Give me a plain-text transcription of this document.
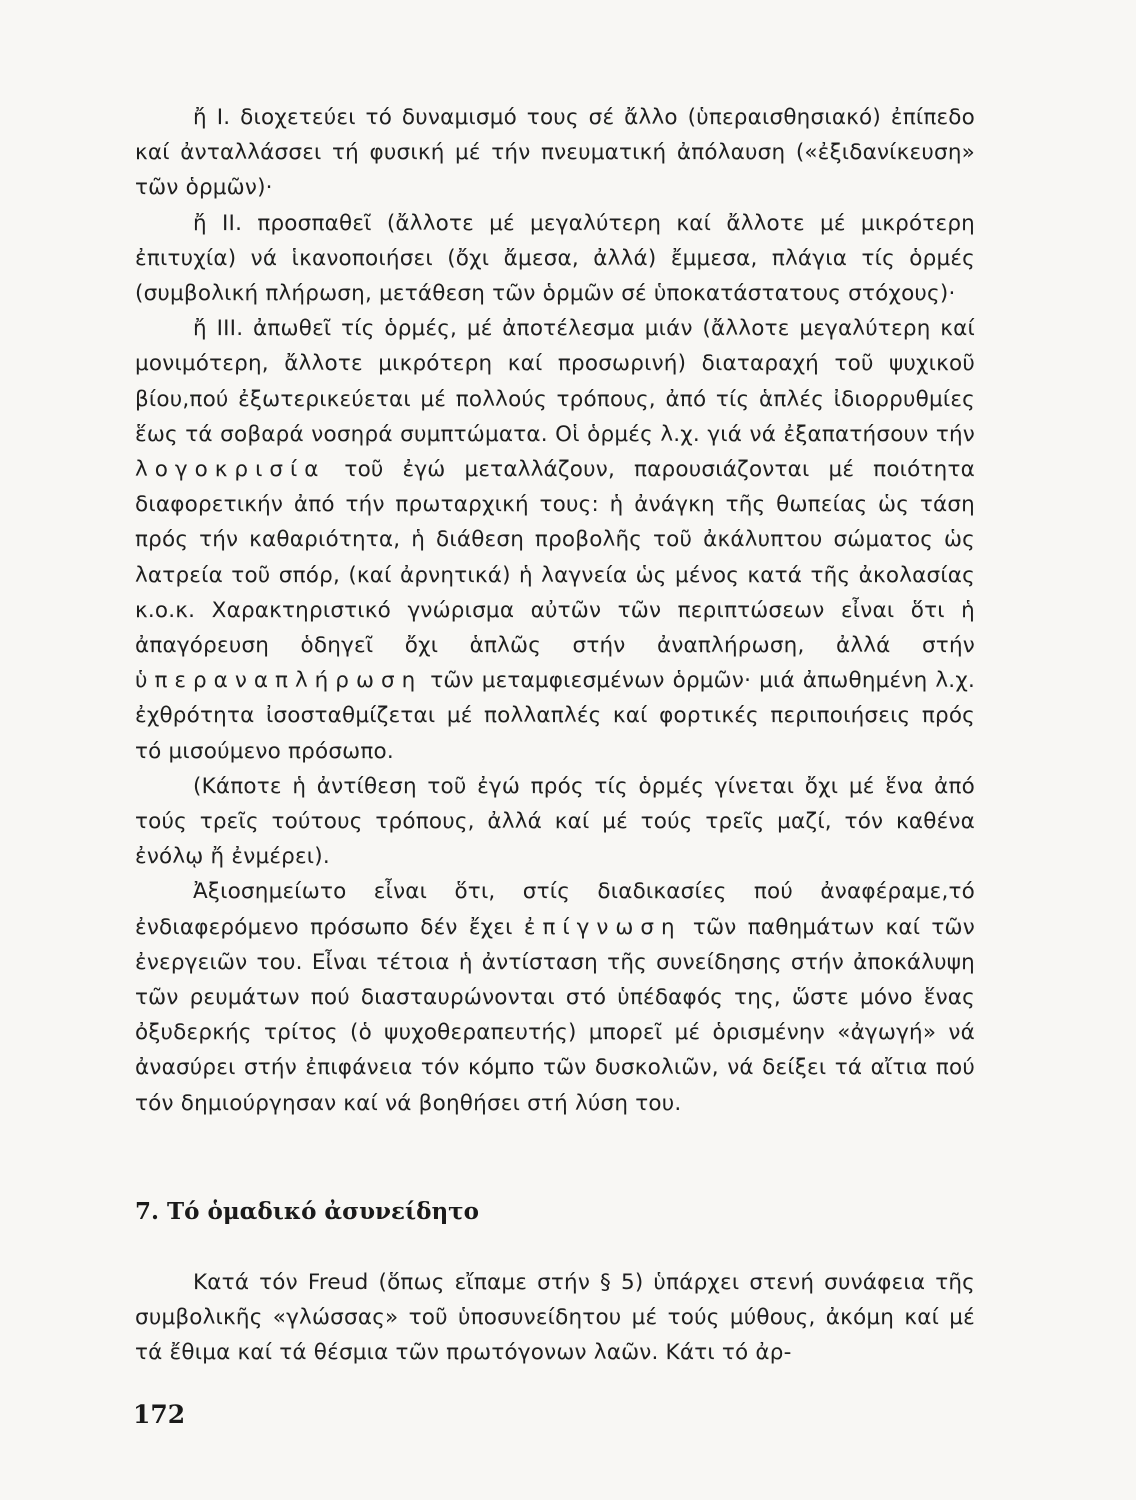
ἤ Ι. διοχετεύει τό δυναμισμό τους σέ ἄλλο (ὑπεραισθησιακό) ἐπίπεδο καί ἀνταλλάσσει τή φυσική μέ τήν πνευματική ἀπόλαυση («ἐξιδανίκευση» τῶν ὁρμῶν)·

ἤ ΙΙ. προσπαθεῖ (ἄλλοτε μέ μεγαλύτερη καί ἄλλοτε μέ μικρότερη ἐπιτυχία) νά ἱκανοποιήσει (ὄχι ἄμεσα, ἀλλά) ἔμμεσα, πλάγια τίς ὁρμές (συμβολική πλήρωση, μετάθεση τῶν ὁρμῶν σέ ὑποκατάστατους στόχους)·

ἤ ΙΙΙ. ἀπωθεῖ τίς ὁρμές, μέ ἀποτέλεσμα μιάν (ἄλλοτε μεγαλύτερη καί μονιμότερη, ἄλλοτε μικρότερη καί προσωρινή) διαταραχή τοῦ ψυχικοῦ βίου,πού ἐξωτερικεύεται μέ πολλούς τρόπους, ἀπό τίς ἁπλές ἰδιορρυθμίες ἕως τά σοβαρά νοσηρά συμπτώματα. Οἱ ὁρμές λ.χ. γιά νά ἐξαπατήσουν τήν λογοκρισία τοῦ ἐγώ μεταλλάζουν, παρουσιάζονται μέ ποιότητα διαφορετικήν ἀπό τήν πρωταρχική τους: ἡ ἀνάγκη τῆς θωπείας ὡς τάση πρός τήν καθαριότητα, ἡ διάθεση προβολῆς τοῦ ἀκάλυπτου σώματος ὡς λατρεία τοῦ σπόρ, (καί ἀρνητικά) ἡ λαγνεία ὡς μένος κατά τῆς ἀκολασίας κ.ο.κ. Χαρακτηριστικό γνώρισμα αὐτῶν τῶν περιπτώσεων εἶναι ὅτι ἡ ἀπαγόρευση ὁδηγεῖ ὄχι ἁπλῶς στήν ἀναπλήρωση, ἀλλά στήν ὑπεραναπλήρωση τῶν μεταμφιεσμένων ὁρμῶν· μιά ἀπωθημένη λ.χ. ἐχθρότητα ἰσοσταθμίζεται μέ πολλαπλές καί φορτικές περιποιήσεις πρός τό μισούμενο πρόσωπο.

(Κάποτε ἡ ἀντίθεση τοῦ ἐγώ πρός τίς ὁρμές γίνεται ὄχι μέ ἕνα ἀπό τούς τρεῖς τούτους τρόπους, ἀλλά καί μέ τούς τρεῖς μαζί, τόν καθένα ἐνόλῳ ἤ ἐνμέρει).

Ἀξιοσημείωτο εἶναι ὅτι, στίς διαδικασίες πού ἀναφέραμε,τό ἐνδιαφερόμενο πρόσωπο δέν ἔχει ἐπίγνωση τῶν παθημάτων καί τῶν ἐνεργειῶν του. Εἶναι τέτοια ἡ ἀντίσταση τῆς συνείδησης στήν ἀποκάλυψη τῶν ρευμάτων πού διασταυρώνονται στό ὑπέδαφός της, ὥστε μόνο ἕνας ὀξυδερκής τρίτος (ὁ ψυχοθεραπευτής) μπορεῖ μέ ὁρισμένην «ἀγωγή» νά ἀνασύρει στήν ἐπιφάνεια τόν κόμπο τῶν δυσκολιῶν, νά δείξει τά αἴτια πού τόν δημιούργησαν καί νά βοηθήσει στή λύση του.

7. Τό ὁμαδικό ἀσυνείδητο

Κατά τόν Freud (ὅπως εἴπαμε στήν § 5) ὑπάρχει στενή συνάφεια τῆς συμβολικῆς «γλώσσας» τοῦ ὑποσυνείδητου μέ τούς μύθους, ἀκόμη καί μέ τά ἔθιμα καί τά θέσμια τῶν πρωτόγονων λαῶν. Κάτι τό ἀρ-

172
